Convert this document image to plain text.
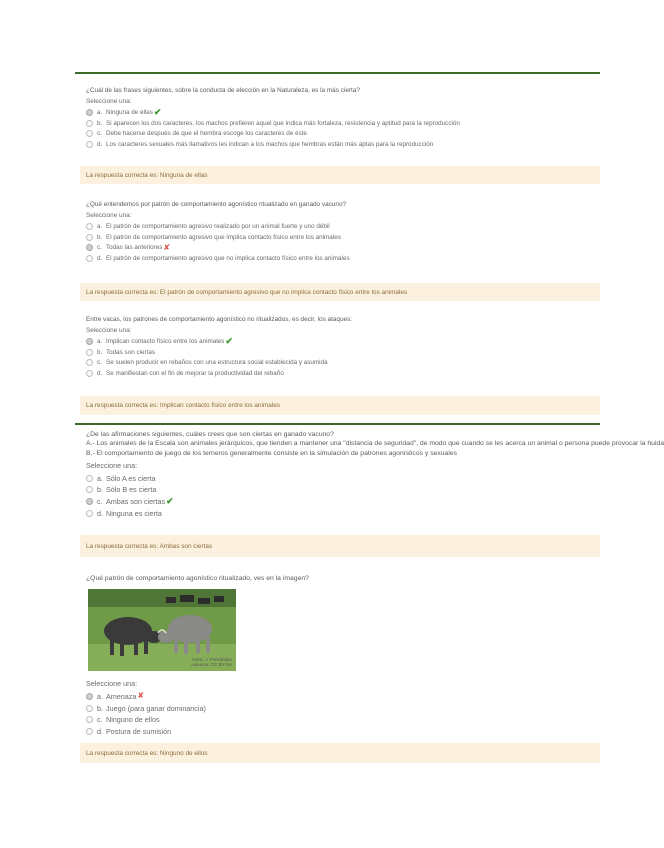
¿Cuál de las frases siguientes, sobre la conducta de elección en la Naturaleza, es la más cierta?

Seleccione una:
a. Ninguna de ellas ✔
b. Si aparecen los dos caracteres, los machos prefieren aquel que indica más fortaleza, resistencia y aptitud para la reproducción
c. Debe hacerse después de que el hembra escoge los caracteres de éste
d. Los caracteres sexuales más llamativos les indican a los machos que hembras están más aptas para la reproducción
La respuesta correcta es: Ninguna de ellas

¿Qué entendemos por patrón de comportamiento agonístico ritualizado en ganado vacuno?

Seleccione una:
a. El patrón de comportamiento agresivo realizado por un animal fuerte y uno débil
b. El patrón de comportamiento agresivo que implica contacto físico entre los animales
c. Todas las anteriores ✘
d. El patrón de comportamiento agresivo que no implica contacto físico entre los animales
La respuesta correcta es: El patrón de comportamiento agresivo que no implica contacto físico entre los animales

Entre vacas, los patrones de comportamiento agonístico no ritualizados, es decir, los ataques:

Seleccione una:
a. Implican contacto físico entre los animales ✔
b. Todas son ciertas
c. Se suelen producir en rebaños con una estructura social establecida y asumida
d. Se manifiestan con el fin de mejorar la productividad del rebaño
La respuesta correcta es: Implican contacto físico entre los animales

¿De las afirmaciones siguientes, cuáles crees que son ciertas en ganado vacuno?

A.- Los animales de la Escala son animales jerárquicos, que tienden a mantener una "distancia de seguridad", de modo que cuando se les acerca un animal o persona puede provocar la huida

B.- El comportamiento de juego de los terneros generalmente consiste en la simulación de patrones agonísticos y sexuales

Seleccione una:
a. Sólo A es cierta
b. Sólo B es cierta
c. Ambas son ciertas ✔
d. Ninguna es cierta
La respuesta correcta es: Ambas son ciertas

¿Qué patrón de comportamiento agonístico ritualizado, ves en la imagen?

Autor: J. Fernández
Licencia: CC BY-SA
Seleccione una:
a. Amenaza ✘
b. Juego (para ganar dominancia)
c. Ninguno de ellos
d. Postura de sumisión
La respuesta correcta es: Ninguno de ellos
